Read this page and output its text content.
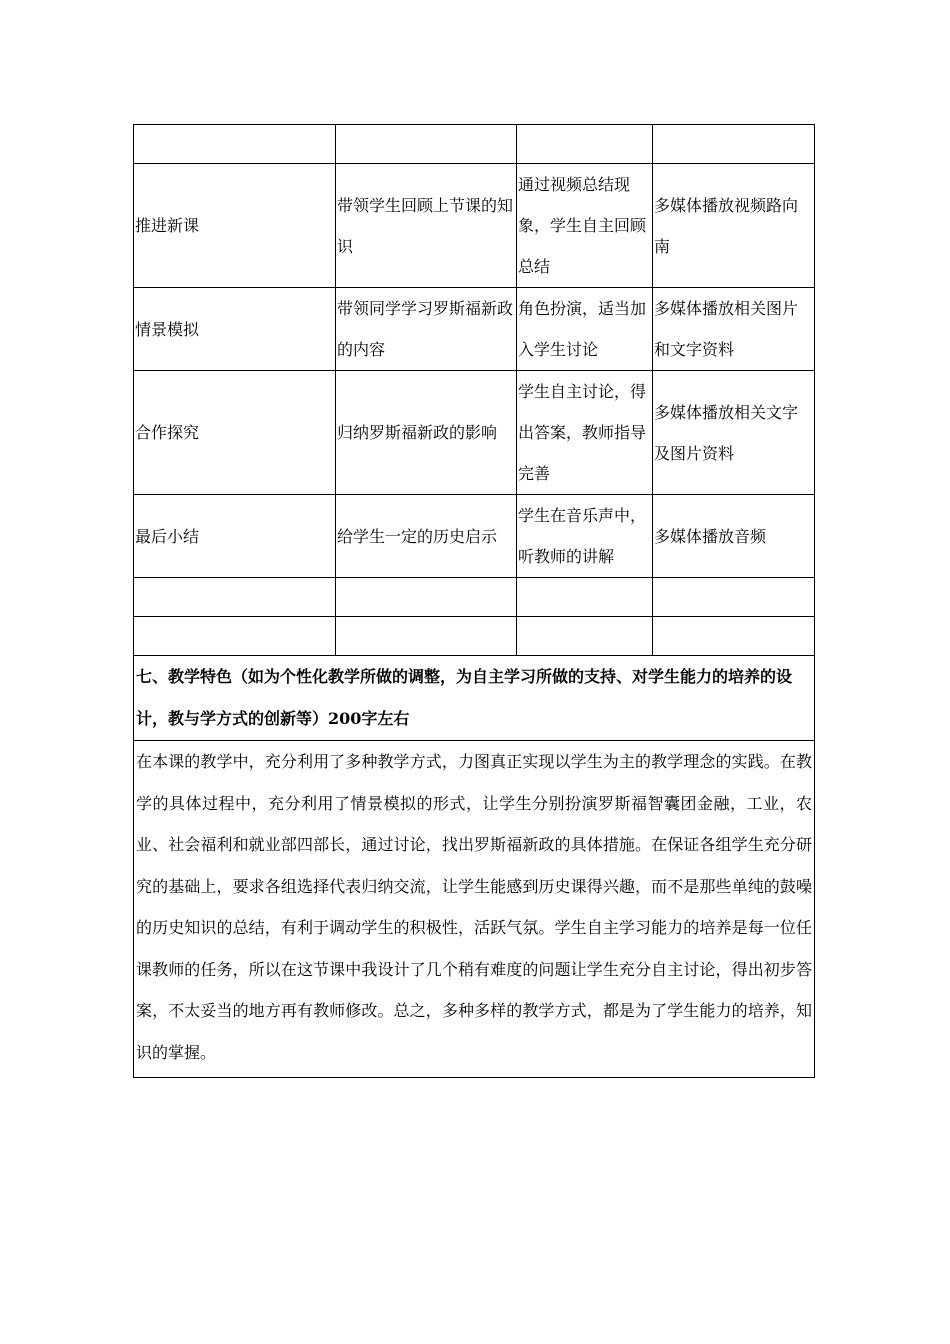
推进新课	带领学生回顾上节课的知识	通过视频总结现象，学生自主回顾总结	多媒体播放视频路向南
情景模拟	带领同学学习罗斯福新政的内容	角色扮演，适当加入学生讨论	多媒体播放相关图片和文字资料
合作探究	归纳罗斯福新政的影响	学生自主讨论，得出答案，教师指导完善	多媒体播放相关文字及图片资料
最后小结	给学生一定的历史启示	学生在音乐声中，听教师的讲解	多媒体播放音频

七、教学特色（如为个性化教学所做的调整，为自主学习所做的支持、对学生能力的培养的设计，教与学方式的创新等）200字左右			
在本课的教学中，充分利用了多种教学方式，力图真正实现以学生为主的教学理念的实践。在教学的具体过程中，充分利用了情景模拟的形式，让学生分别扮演罗斯福智囊团金融，工业，农业、社会福利和就业部四部长，通过讨论，找出罗斯福新政的具体措施。在保证各组学生充分研究的基础上，要求各组选择代表归纳交流，让学生能感到历史课得兴趣，而不是那些单纯的鼓噪的历史知识的总结，有利于调动学生的积极性，活跃气氛。学生自主学习能力的培养是每一位任课教师的任务，所以在这节课中我设计了几个稍有难度的问题让学生充分自主讨论，得出初步答案，不太妥当的地方再有教师修改。总之，多种多样的教学方式，都是为了学生能力的培养，知识的掌握。			
